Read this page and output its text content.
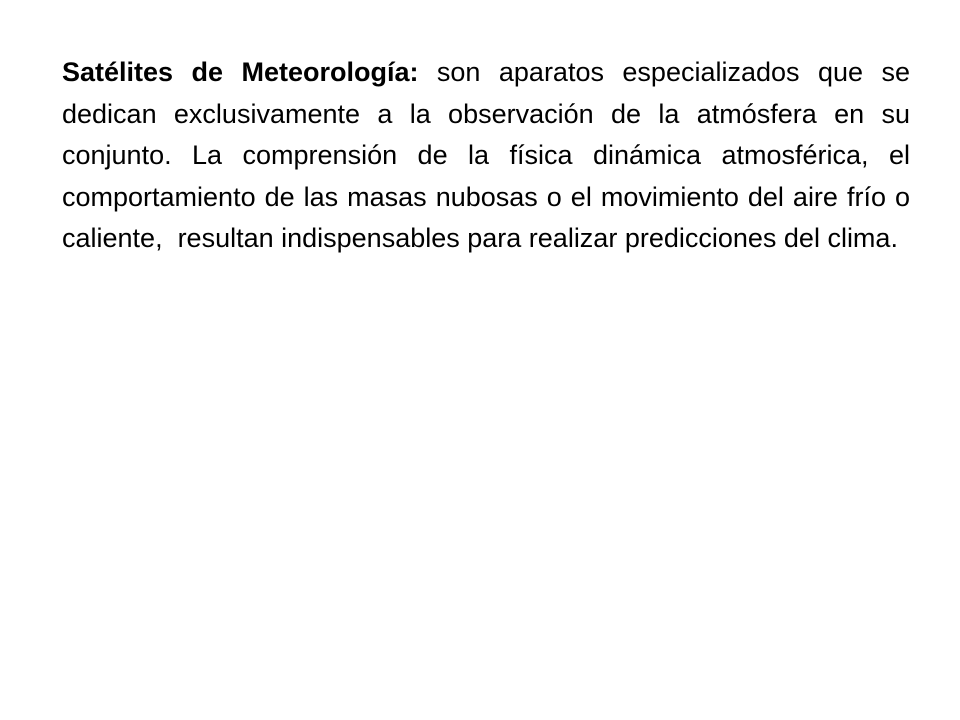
Satélites de Meteorología: son aparatos especializados que se dedican exclusivamente a la observación de la atmósfera en su conjunto. La comprensión de la física dinámica atmosférica, el comportamiento de las masas nubosas o el movimiento del aire frío o caliente,  resultan indispensables para realizar predicciones del clima.
